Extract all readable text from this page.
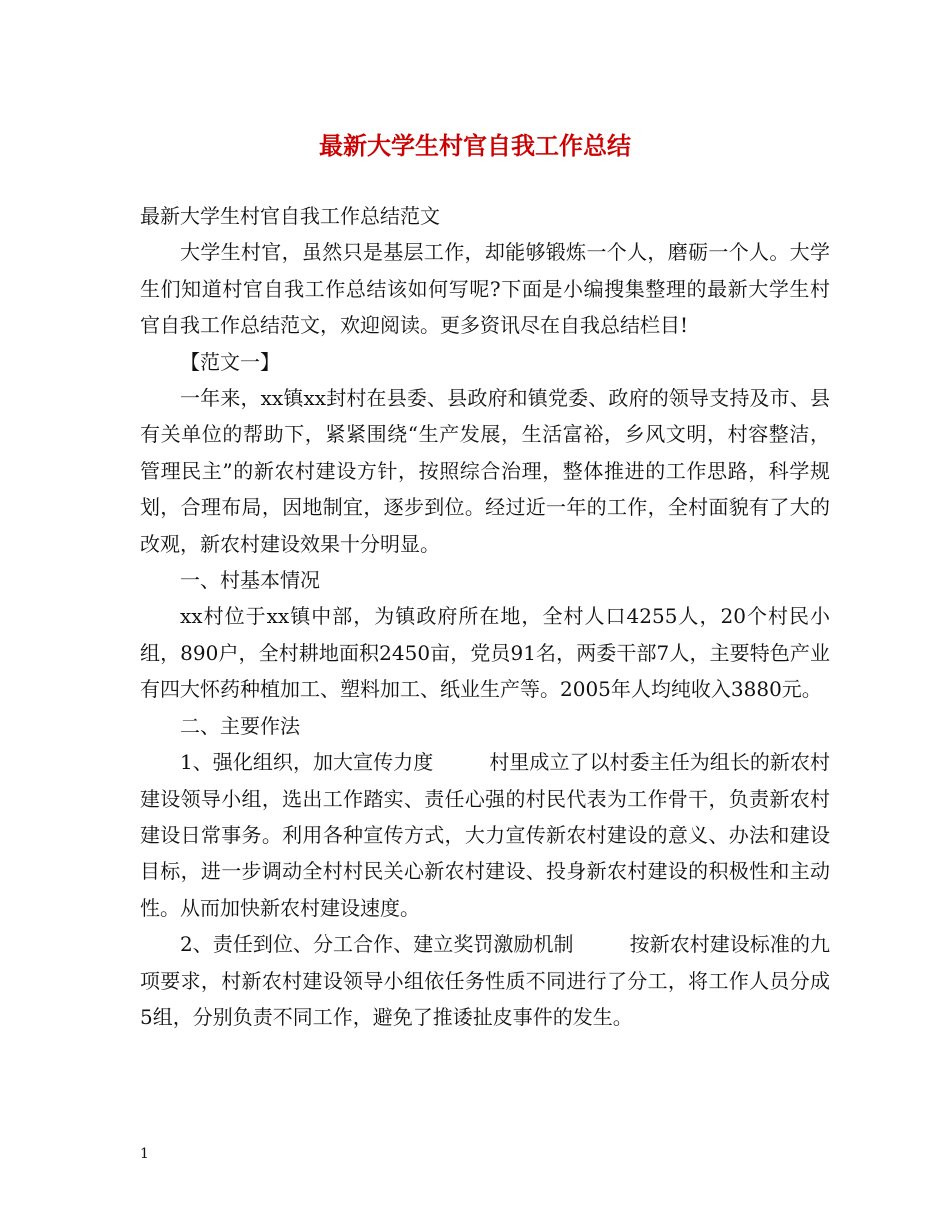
最新大学生村官自我工作总结

最新大学生村官自我工作总结范文

大学生村官，虽然只是基层工作，却能够锻炼一个人，磨砺一个人。大学生们知道村官自我工作总结该如何写呢?下面是小编搜集整理的最新大学生村官自我工作总结范文，欢迎阅读。更多资讯尽在自我总结栏目!

【范文一】

一年来，xx镇xx封村在县委、县政府和镇党委、政府的领导支持及市、县有关单位的帮助下，紧紧围绕“生产发展，生活富裕，乡风文明，村容整洁，管理民主”的新农村建设方针，按照综合治理，整体推进的工作思路，科学规划，合理布局，因地制宜，逐步到位。经过近一年的工作，全村面貌有了大的改观，新农村建设效果十分明显。

一、村基本情况

xx村位于xx镇中部，为镇政府所在地，全村人口4255人，20个村民小组，890户，全村耕地面积2450亩，党员91名，两委干部7人，主要特色产业有四大怀药种植加工、塑料加工、纸业生产等。2005年人均纯收入3880元。

二、主要作法

1、强化组织，加大宣传力度	村里成立了以村委主任为组长的新农村建设领导小组，选出工作踏实、责任心强的村民代表为工作骨干，负责新农村建设日常事务。利用各种宣传方式，大力宣传新农村建设的意义、办法和建设目标，进一步调动全村村民关心新农村建设、投身新农村建设的积极性和主动性。从而加快新农村建设速度。

2、责任到位、分工合作、建立奖罚激励机制	按新农村建设标准的九项要求，村新农村建设领导小组依任务性质不同进行了分工，将工作人员分成5组，分别负责不同工作，避免了推诿扯皮事件的发生。

1
